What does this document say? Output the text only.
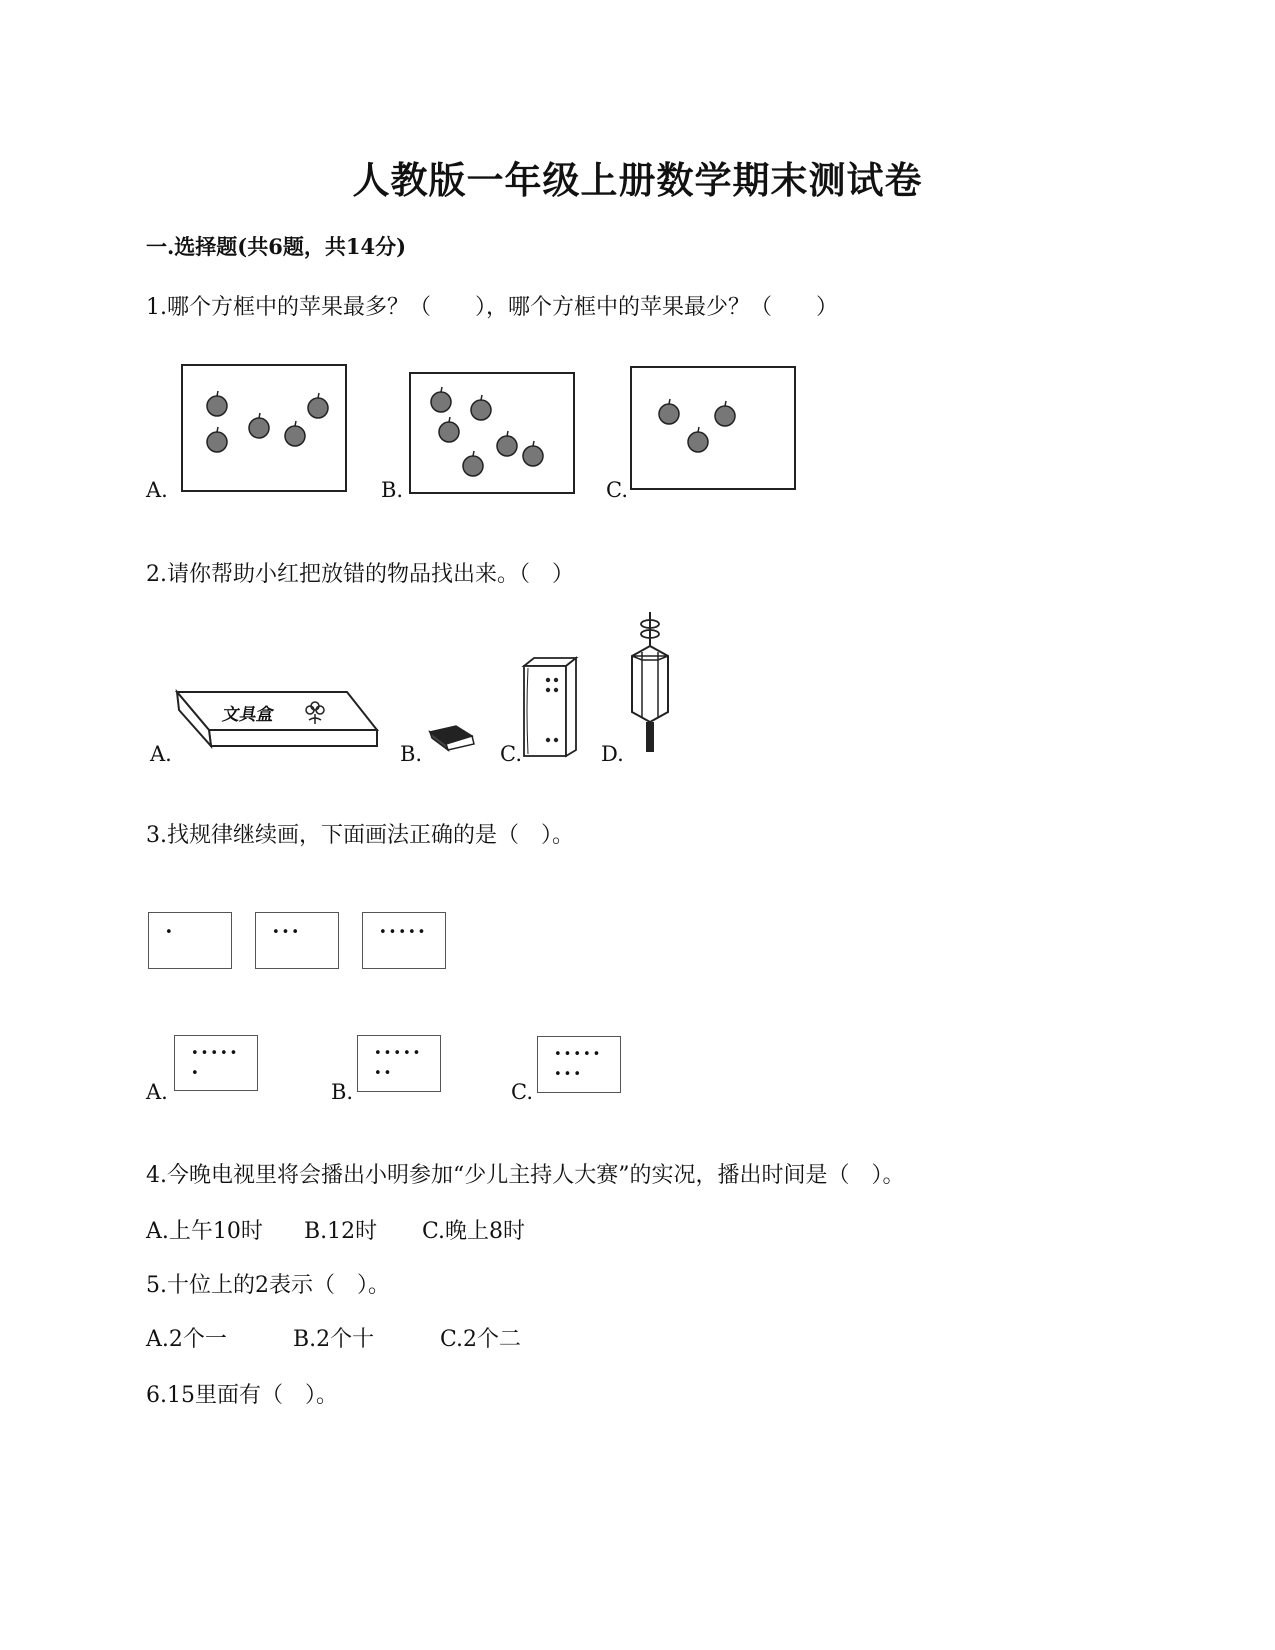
人教版一年级上册数学期末测试卷
一.选择题(共6题，共14分)
1.哪个方框中的苹果最多？（　　），哪个方框中的苹果最少？（　　）
A.	B.	C.
2.请你帮助小红把放错的物品找出来。（　）
A.
文具盒
B.	C.	D.
3.找规律继续画，下面画法正确的是（　）。
•	•••	•••••
A.
•••••
•
B.
•••••
••
C.
•••••
•••
4.今晚电视里将会播出小明参加“少儿主持人大赛”的实况，播出时间是（　）。
A.上午10时 B.12时 C.晚上8时
5.十位上的2表示（　）。
A.2个一	B.2个十	C.2个二
6.15里面有（　）。
